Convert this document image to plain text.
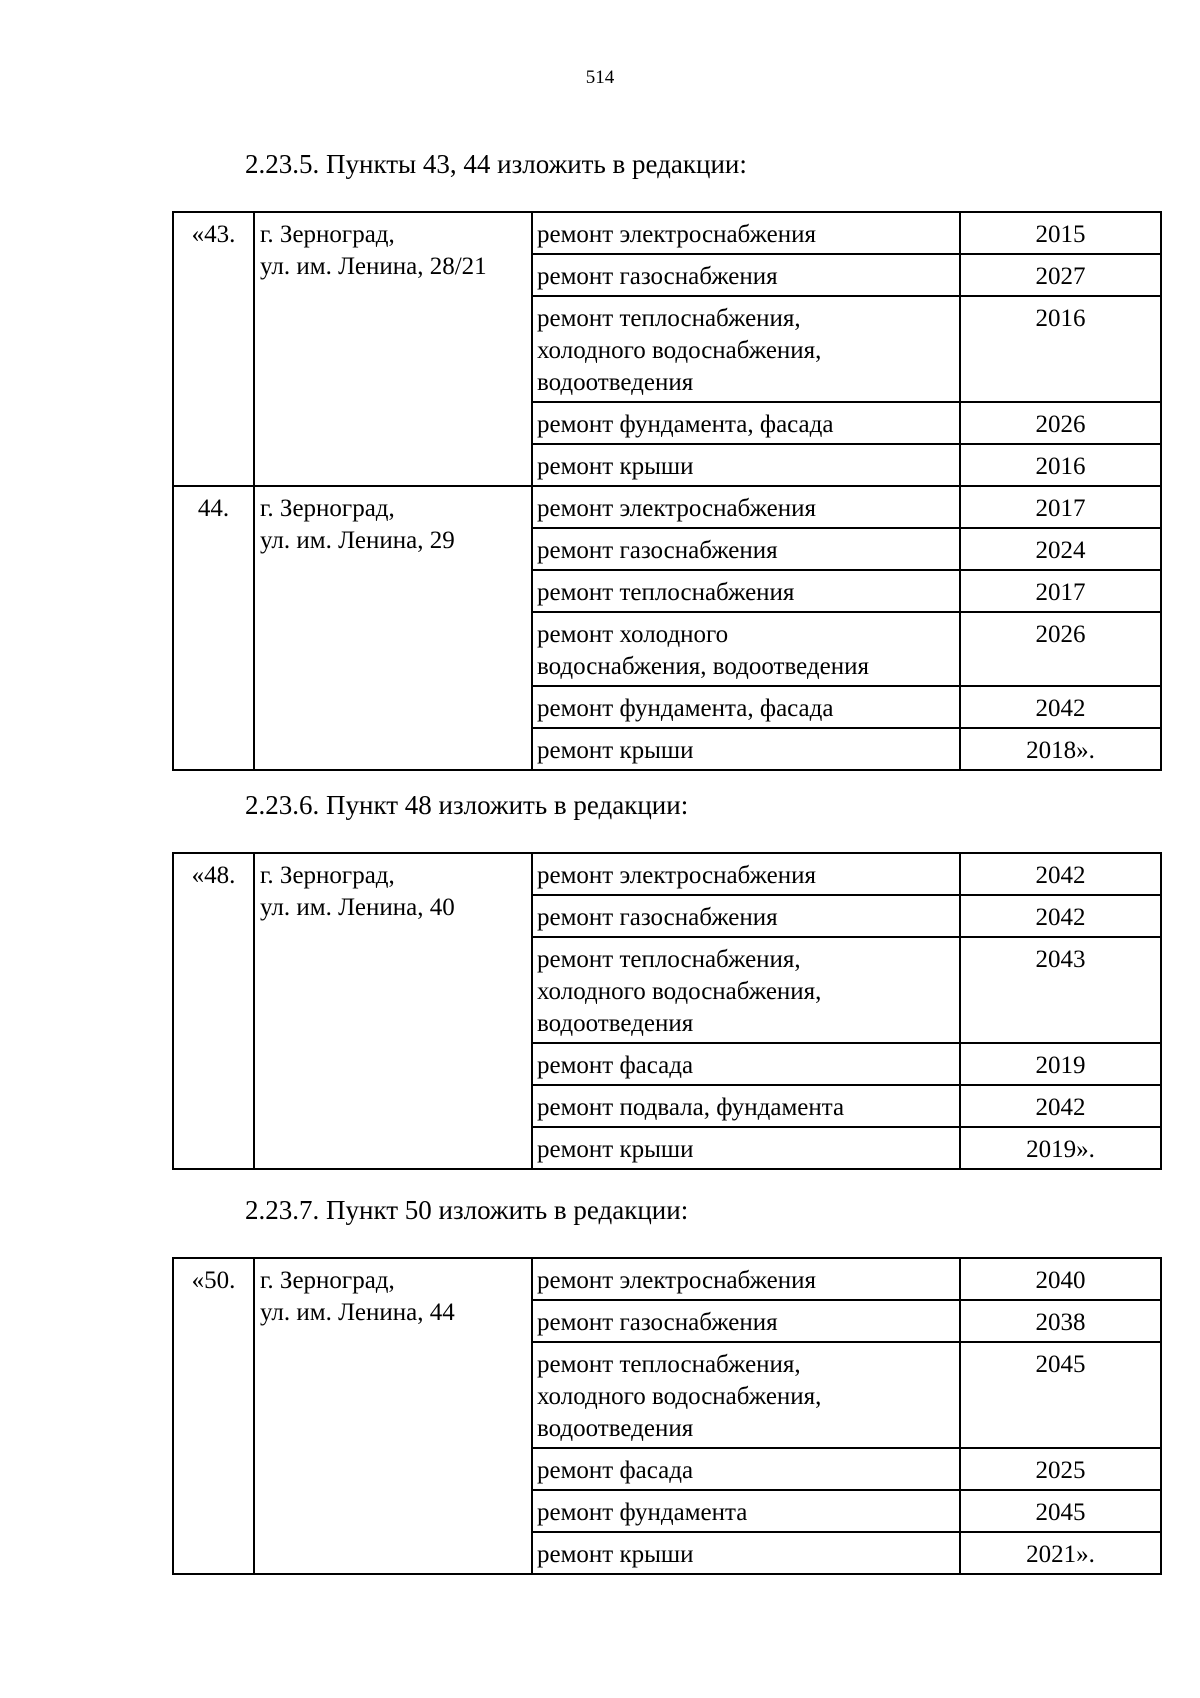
514
2.23.5. Пункты 43, 44 изложить в редакции:
«43.	г. Зерноград,
ул. им. Ленина, 28/21	ремонт электроснабжения	2015

		ремонт газоснабжения	2027

		ремонт теплоснабжения,
холодного водоснабжения,
водоотведения	2016

		ремонт фундамента, фасада	2026

		ремонт крыши	2016
44.	г. Зерноград,
ул. им. Ленина, 29	ремонт электроснабжения	2017

		ремонт газоснабжения	2024

		ремонт теплоснабжения	2017

		ремонт холодного
водоснабжения, водоотведения	2026

		ремонт фундамента, фасада	2042

		ремонт крыши	2018».
2.23.6. Пункт 48 изложить в редакции:
«48.	г. Зерноград,
ул. им. Ленина, 40	ремонт электроснабжения	2042

		ремонт газоснабжения	2042

		ремонт теплоснабжения,
холодного водоснабжения,
водоотведения	2043

		ремонт фасада	2019

		ремонт подвала, фундамента	2042

		ремонт крыши	2019».
2.23.7. Пункт 50 изложить в редакции:
«50.	г. Зерноград,
ул. им. Ленина, 44	ремонт электроснабжения	2040

		ремонт газоснабжения	2038

		ремонт теплоснабжения,
холодного водоснабжения,
водоотведения	2045

		ремонт фасада	2025

		ремонт фундамента	2045

		ремонт крыши	2021».
